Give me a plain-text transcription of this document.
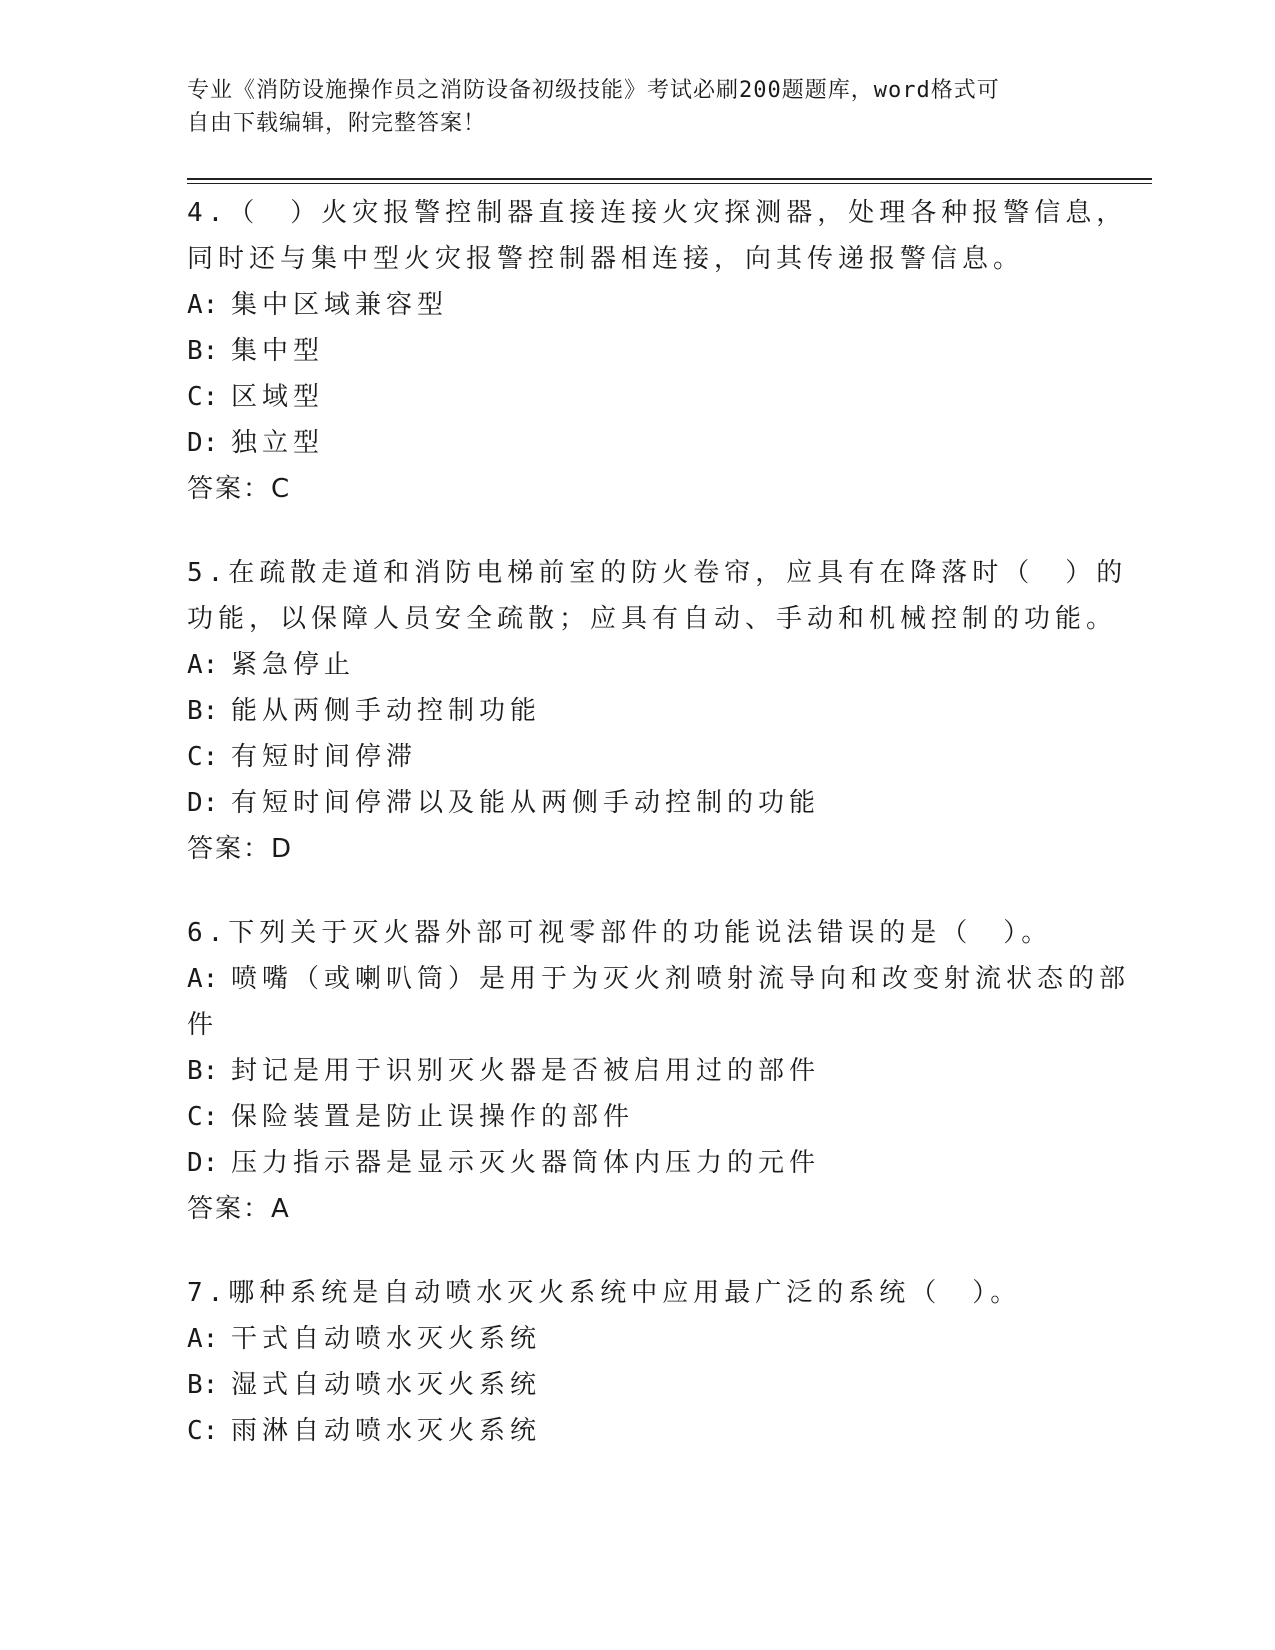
专业《消防设施操作员之消防设备初级技能》考试必刷200题题库，word格式可
自由下载编辑，附完整答案！
4.（　）火灾报警控制器直接连接火灾探测器，处理各种报警信息，
同时还与集中型火灾报警控制器相连接，向其传递报警信息。
A: 集中区域兼容型
B: 集中型
C: 区域型
D: 独立型
答案：C
5.在疏散走道和消防电梯前室的防火卷帘，应具有在降落时（　）的
功能，以保障人员安全疏散；应具有自动、手动和机械控制的功能。
A: 紧急停止
B: 能从两侧手动控制功能
C: 有短时间停滞
D: 有短时间停滞以及能从两侧手动控制的功能
答案：D
6.下列关于灭火器外部可视零部件的功能说法错误的是（　）。
A: 喷嘴（或喇叭筒）是用于为灭火剂喷射流导向和改变射流状态的部
件
B: 封记是用于识别灭火器是否被启用过的部件
C: 保险装置是防止误操作的部件
D: 压力指示器是显示灭火器筒体内压力的元件
答案：A
7.哪种系统是自动喷水灭火系统中应用最广泛的系统（　）。
A: 干式自动喷水灭火系统
B: 湿式自动喷水灭火系统
C: 雨淋自动喷水灭火系统
